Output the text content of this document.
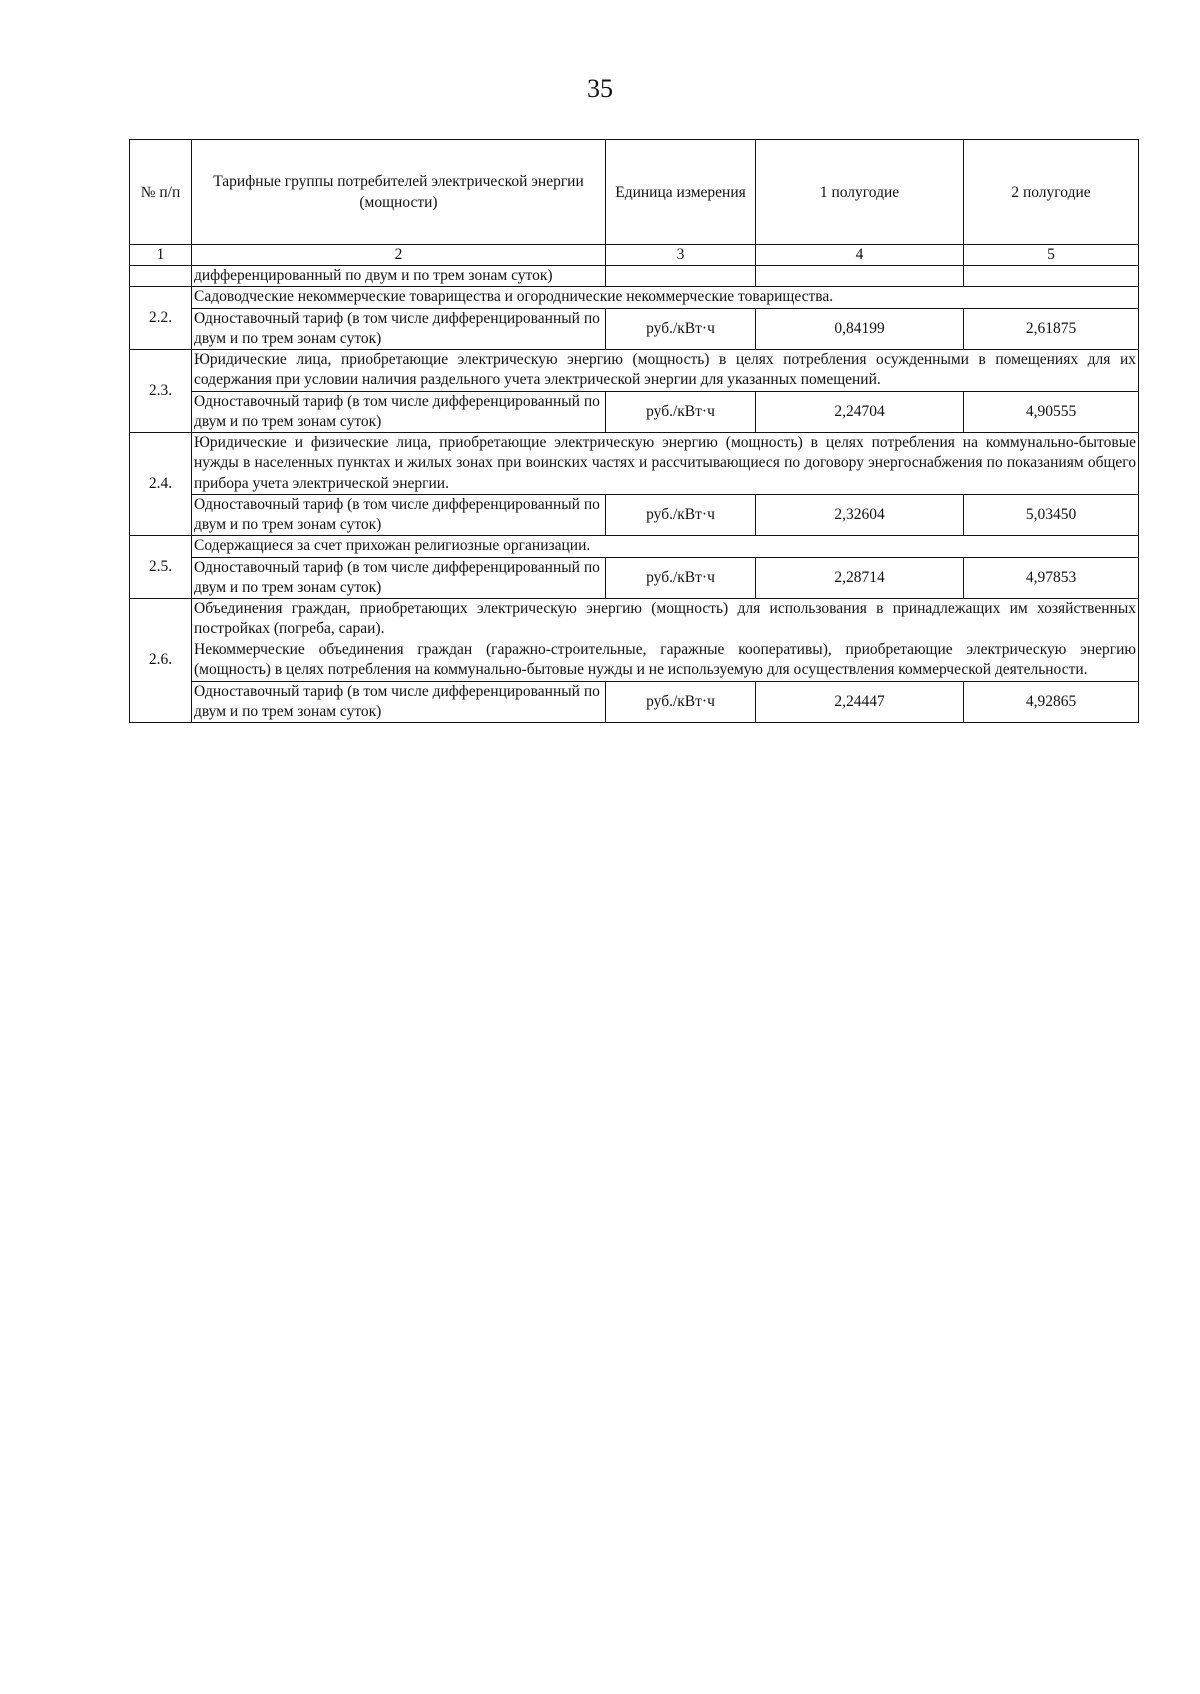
35
№ п/п	Тарифные группы потребителей электрической энергии (мощности)	Единица измерения	1 полугодие	2 полугодие
1	2	3	4	5
	дифференцированный по двум и по трем зонам суток)			
2.2.	Садоводческие некоммерческие товарищества и огороднические некоммерческие товарищества.			

	Одноставочный тариф (в том числе дифференцированный по двум и по трем зонам суток)	руб./кВт·ч	0,84199	2,61875
2.3.	Юридические лица, приобретающие электрическую энергию (мощность) в целях потребления осужденными в помещениях для их содержания при условии наличия раздельного учета электрической энергии для указанных помещений.			

	Одноставочный тариф (в том числе дифференцированный по двум и по трем зонам суток)	руб./кВт·ч	2,24704	4,90555
2.4.	Юридические и физические лица, приобретающие электрическую энергию (мощность) в целях потребления на коммунально-бытовые нужды в населенных пунктах и жилых зонах при воинских частях и рассчитывающиеся по договору энергоснабжения по показаниям общего прибора учета электрической энергии.			

	Одноставочный тариф (в том числе дифференцированный по двум и по трем зонам суток)	руб./кВт·ч	2,32604	5,03450
2.5.	Содержащиеся за счет прихожан религиозные организации.			

	Одноставочный тариф (в том числе дифференцированный по двум и по трем зонам суток)	руб./кВт·ч	2,28714	4,97853
2.6.	Объединения граждан, приобретающих электрическую энергию (мощность) для использования в принадлежащих им хозяйственных постройках (погреба, сараи).
Некоммерческие объединения граждан (гаражно-строительные, гаражные кооперативы), приобретающие электрическую энергию (мощность) в целях потребления на коммунально-бытовые нужды и не используемую для осуществления коммерческой деятельности.			

	Одноставочный тариф (в том числе дифференцированный по двум и по трем зонам суток)	руб./кВт·ч	2,24447	4,92865
